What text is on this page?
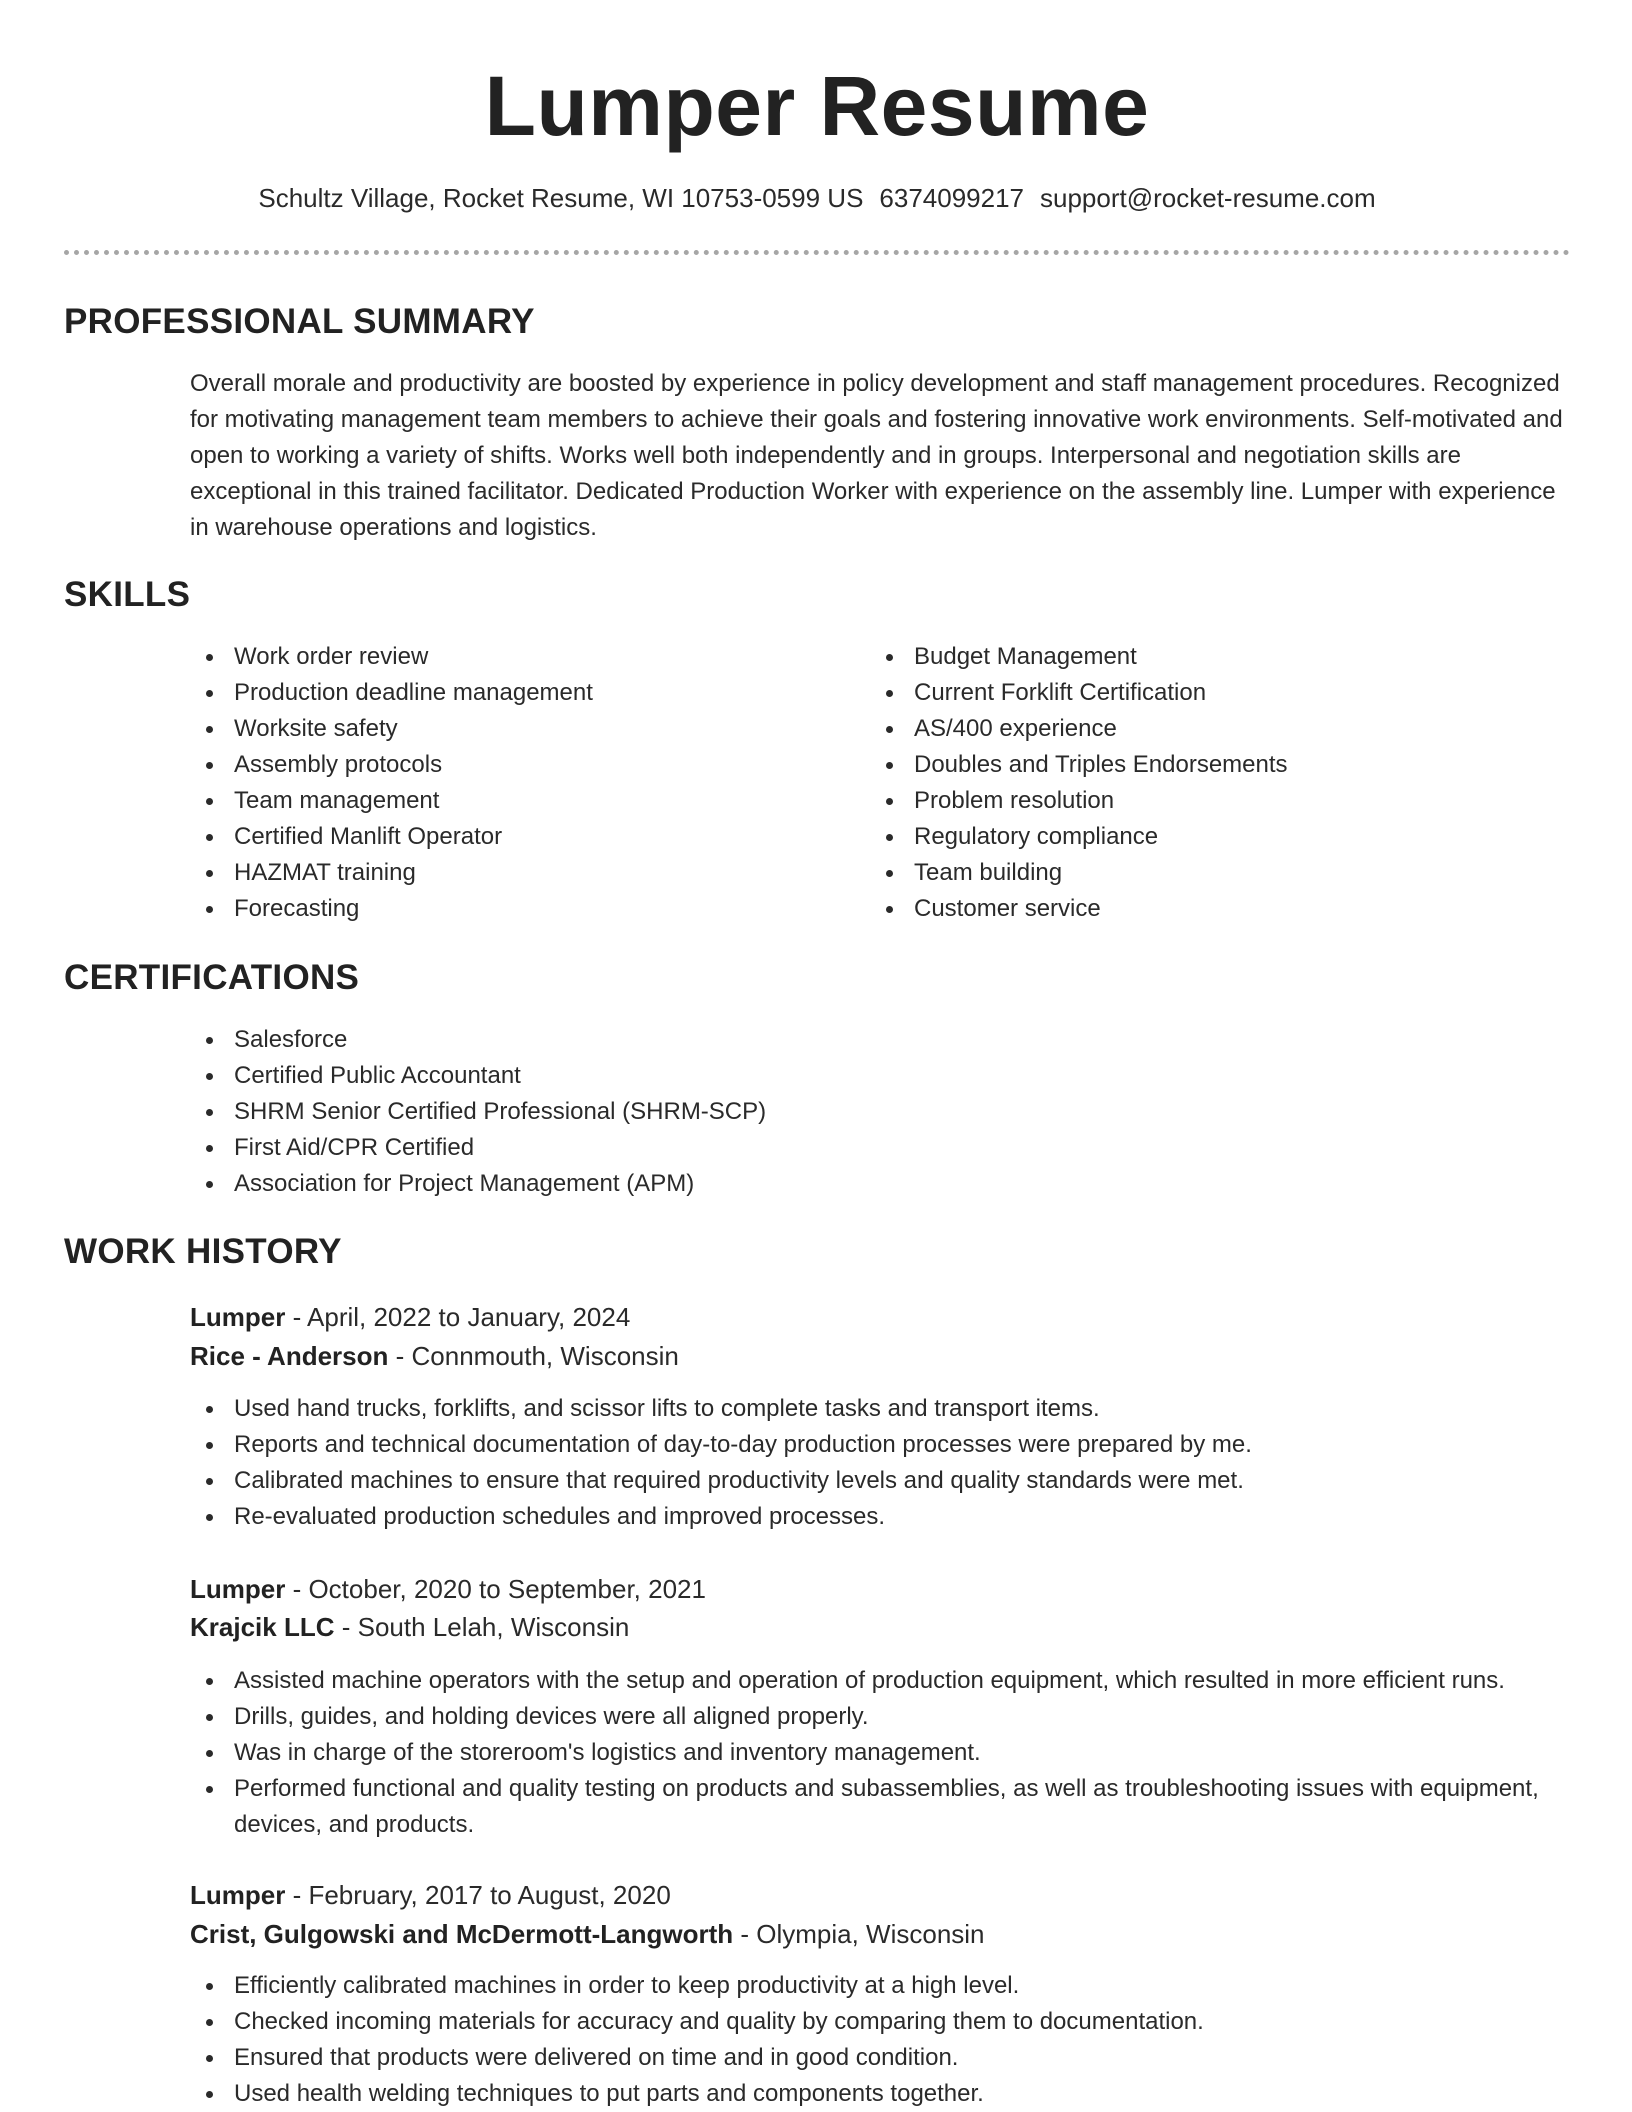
Lumper Resume
Schultz Village, Rocket Resume, WI 10753-0599 US 6374099217 support@rocket-resume.com
PROFESSIONAL SUMMARY
Overall morale and productivity are boosted by experience in policy development and staff management procedures. Recognized for motivating management team members to achieve their goals and fostering innovative work environments. Self-motivated and open to working a variety of shifts. Works well both independently and in groups. Interpersonal and negotiation skills are exceptional in this trained facilitator. Dedicated Production Worker with experience on the assembly line. Lumper with experience in warehouse operations and logistics.
SKILLS
Work order review
Production deadline management
Worksite safety
Assembly protocols
Team management
Certified Manlift Operator
HAZMAT training
Forecasting
Budget Management
Current Forklift Certification
AS/400 experience
Doubles and Triples Endorsements
Problem resolution
Regulatory compliance
Team building
Customer service
CERTIFICATIONS
Salesforce
Certified Public Accountant
SHRM Senior Certified Professional (SHRM-SCP)
First Aid/CPR Certified
Association for Project Management (APM)
WORK HISTORY
Lumper - April, 2022 to January, 2024
Rice - Anderson - Connmouth, Wisconsin
Used hand trucks, forklifts, and scissor lifts to complete tasks and transport items.
Reports and technical documentation of day-to-day production processes were prepared by me.
Calibrated machines to ensure that required productivity levels and quality standards were met.
Re-evaluated production schedules and improved processes.
Lumper - October, 2020 to September, 2021
Krajcik LLC - South Lelah, Wisconsin
Assisted machine operators with the setup and operation of production equipment, which resulted in more efficient runs.
Drills, guides, and holding devices were all aligned properly.
Was in charge of the storeroom's logistics and inventory management.
Performed functional and quality testing on products and subassemblies, as well as troubleshooting issues with equipment, devices, and products.
Lumper - February, 2017 to August, 2020
Crist, Gulgowski and McDermott-Langworth - Olympia, Wisconsin
Efficiently calibrated machines in order to keep productivity at a high level.
Checked incoming materials for accuracy and quality by comparing them to documentation.
Ensured that products were delivered on time and in good condition.
Used health welding techniques to put parts and components together.
